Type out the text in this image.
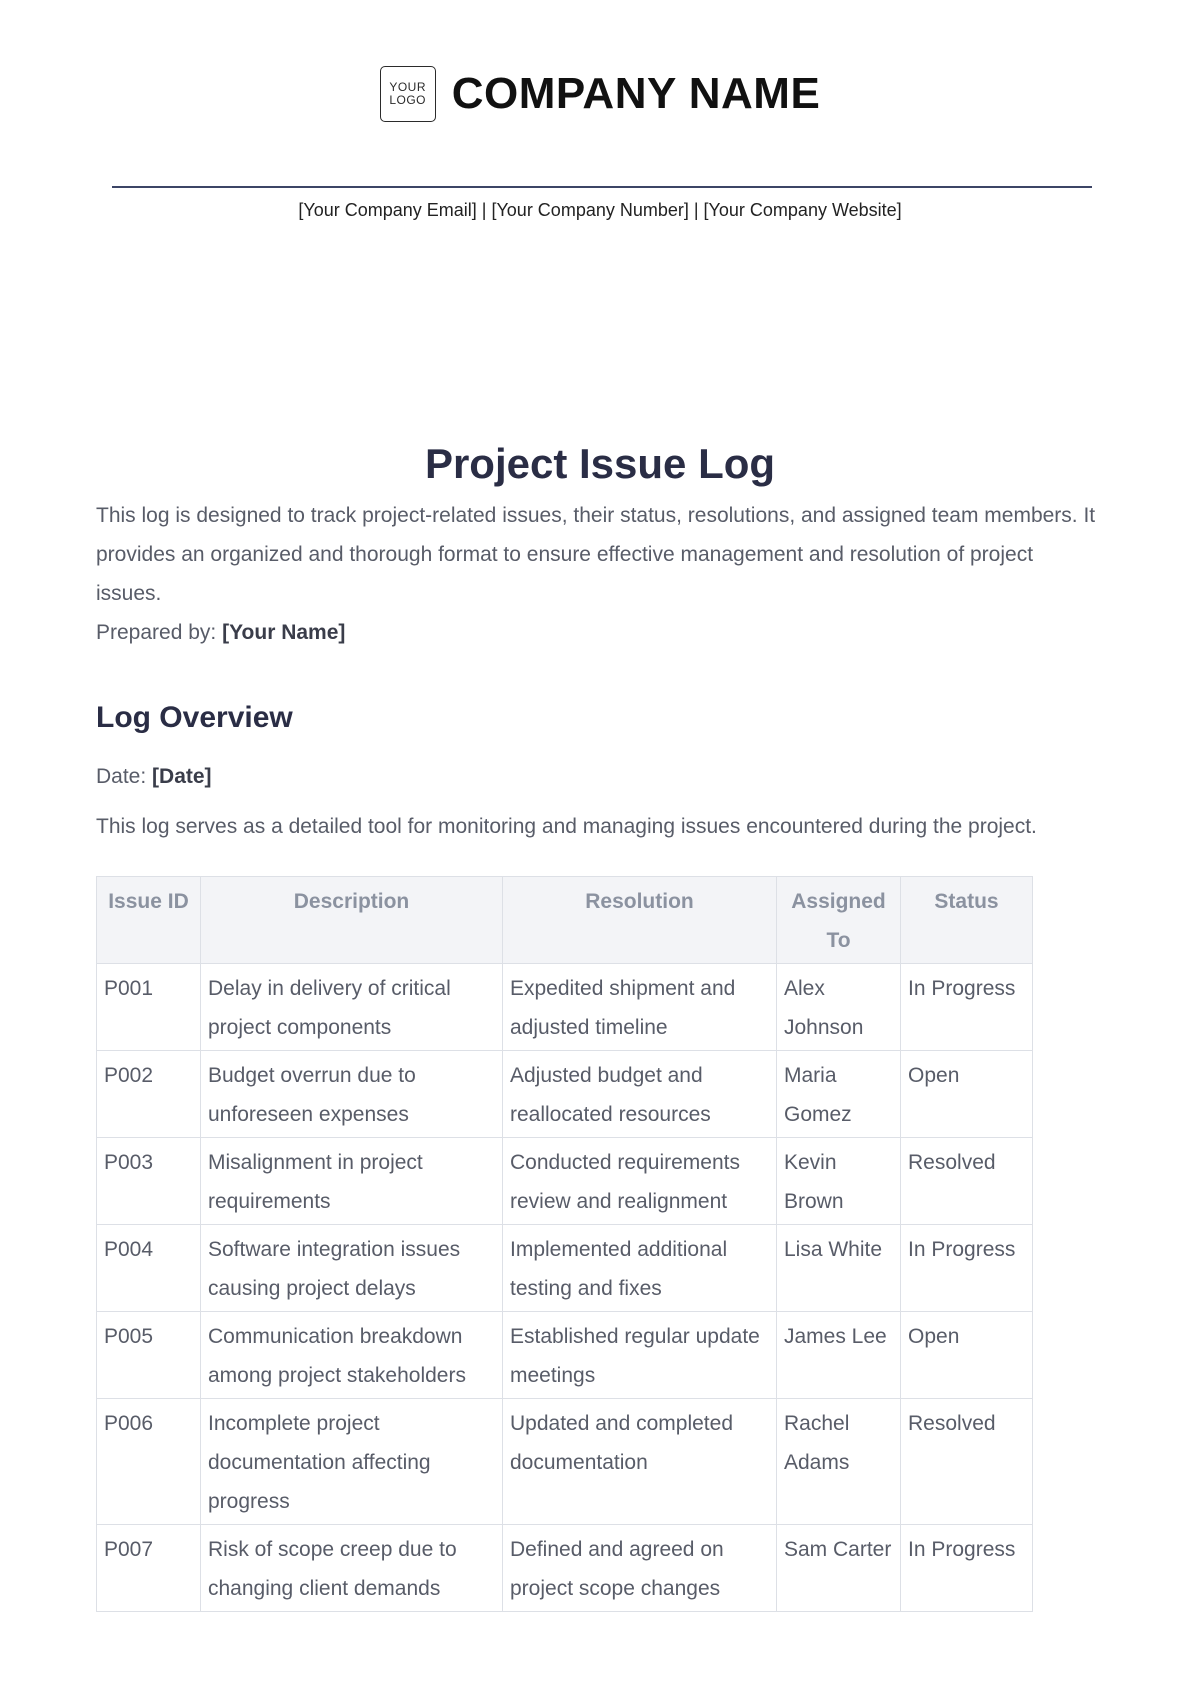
YOUR
LOGO COMPANY NAME
[Your Company Email] | [Your Company Number] | [Your Company Website]
Project Issue Log

This log is designed to track project-related issues, their status, resolutions, and assigned team members. It provides an organized and thorough format to ensure effective management and resolution of project issues.

Prepared by: [Your Name]

Log Overview

Date: [Date]

This log serves as a detailed tool for monitoring and managing issues encountered during the project.

Issue ID	Description	Resolution	Assigned To	Status
P001	Delay in delivery of critical project components	Expedited shipment and adjusted timeline	Alex Johnson	In Progress
P002	Budget overrun due to unforeseen expenses	Adjusted budget and reallocated resources	Maria Gomez	Open
P003	Misalignment in project requirements	Conducted requirements review and realignment	Kevin Brown	Resolved
P004	Software integration issues causing project delays	Implemented additional testing and fixes	Lisa White	In Progress
P005	Communication breakdown among project stakeholders	Established regular update meetings	James Lee	Open
P006	Incomplete project documentation affecting progress	Updated and completed documentation	Rachel Adams	Resolved
P007	Risk of scope creep due to changing client demands	Defined and agreed on project scope changes	Sam Carter	In Progress
